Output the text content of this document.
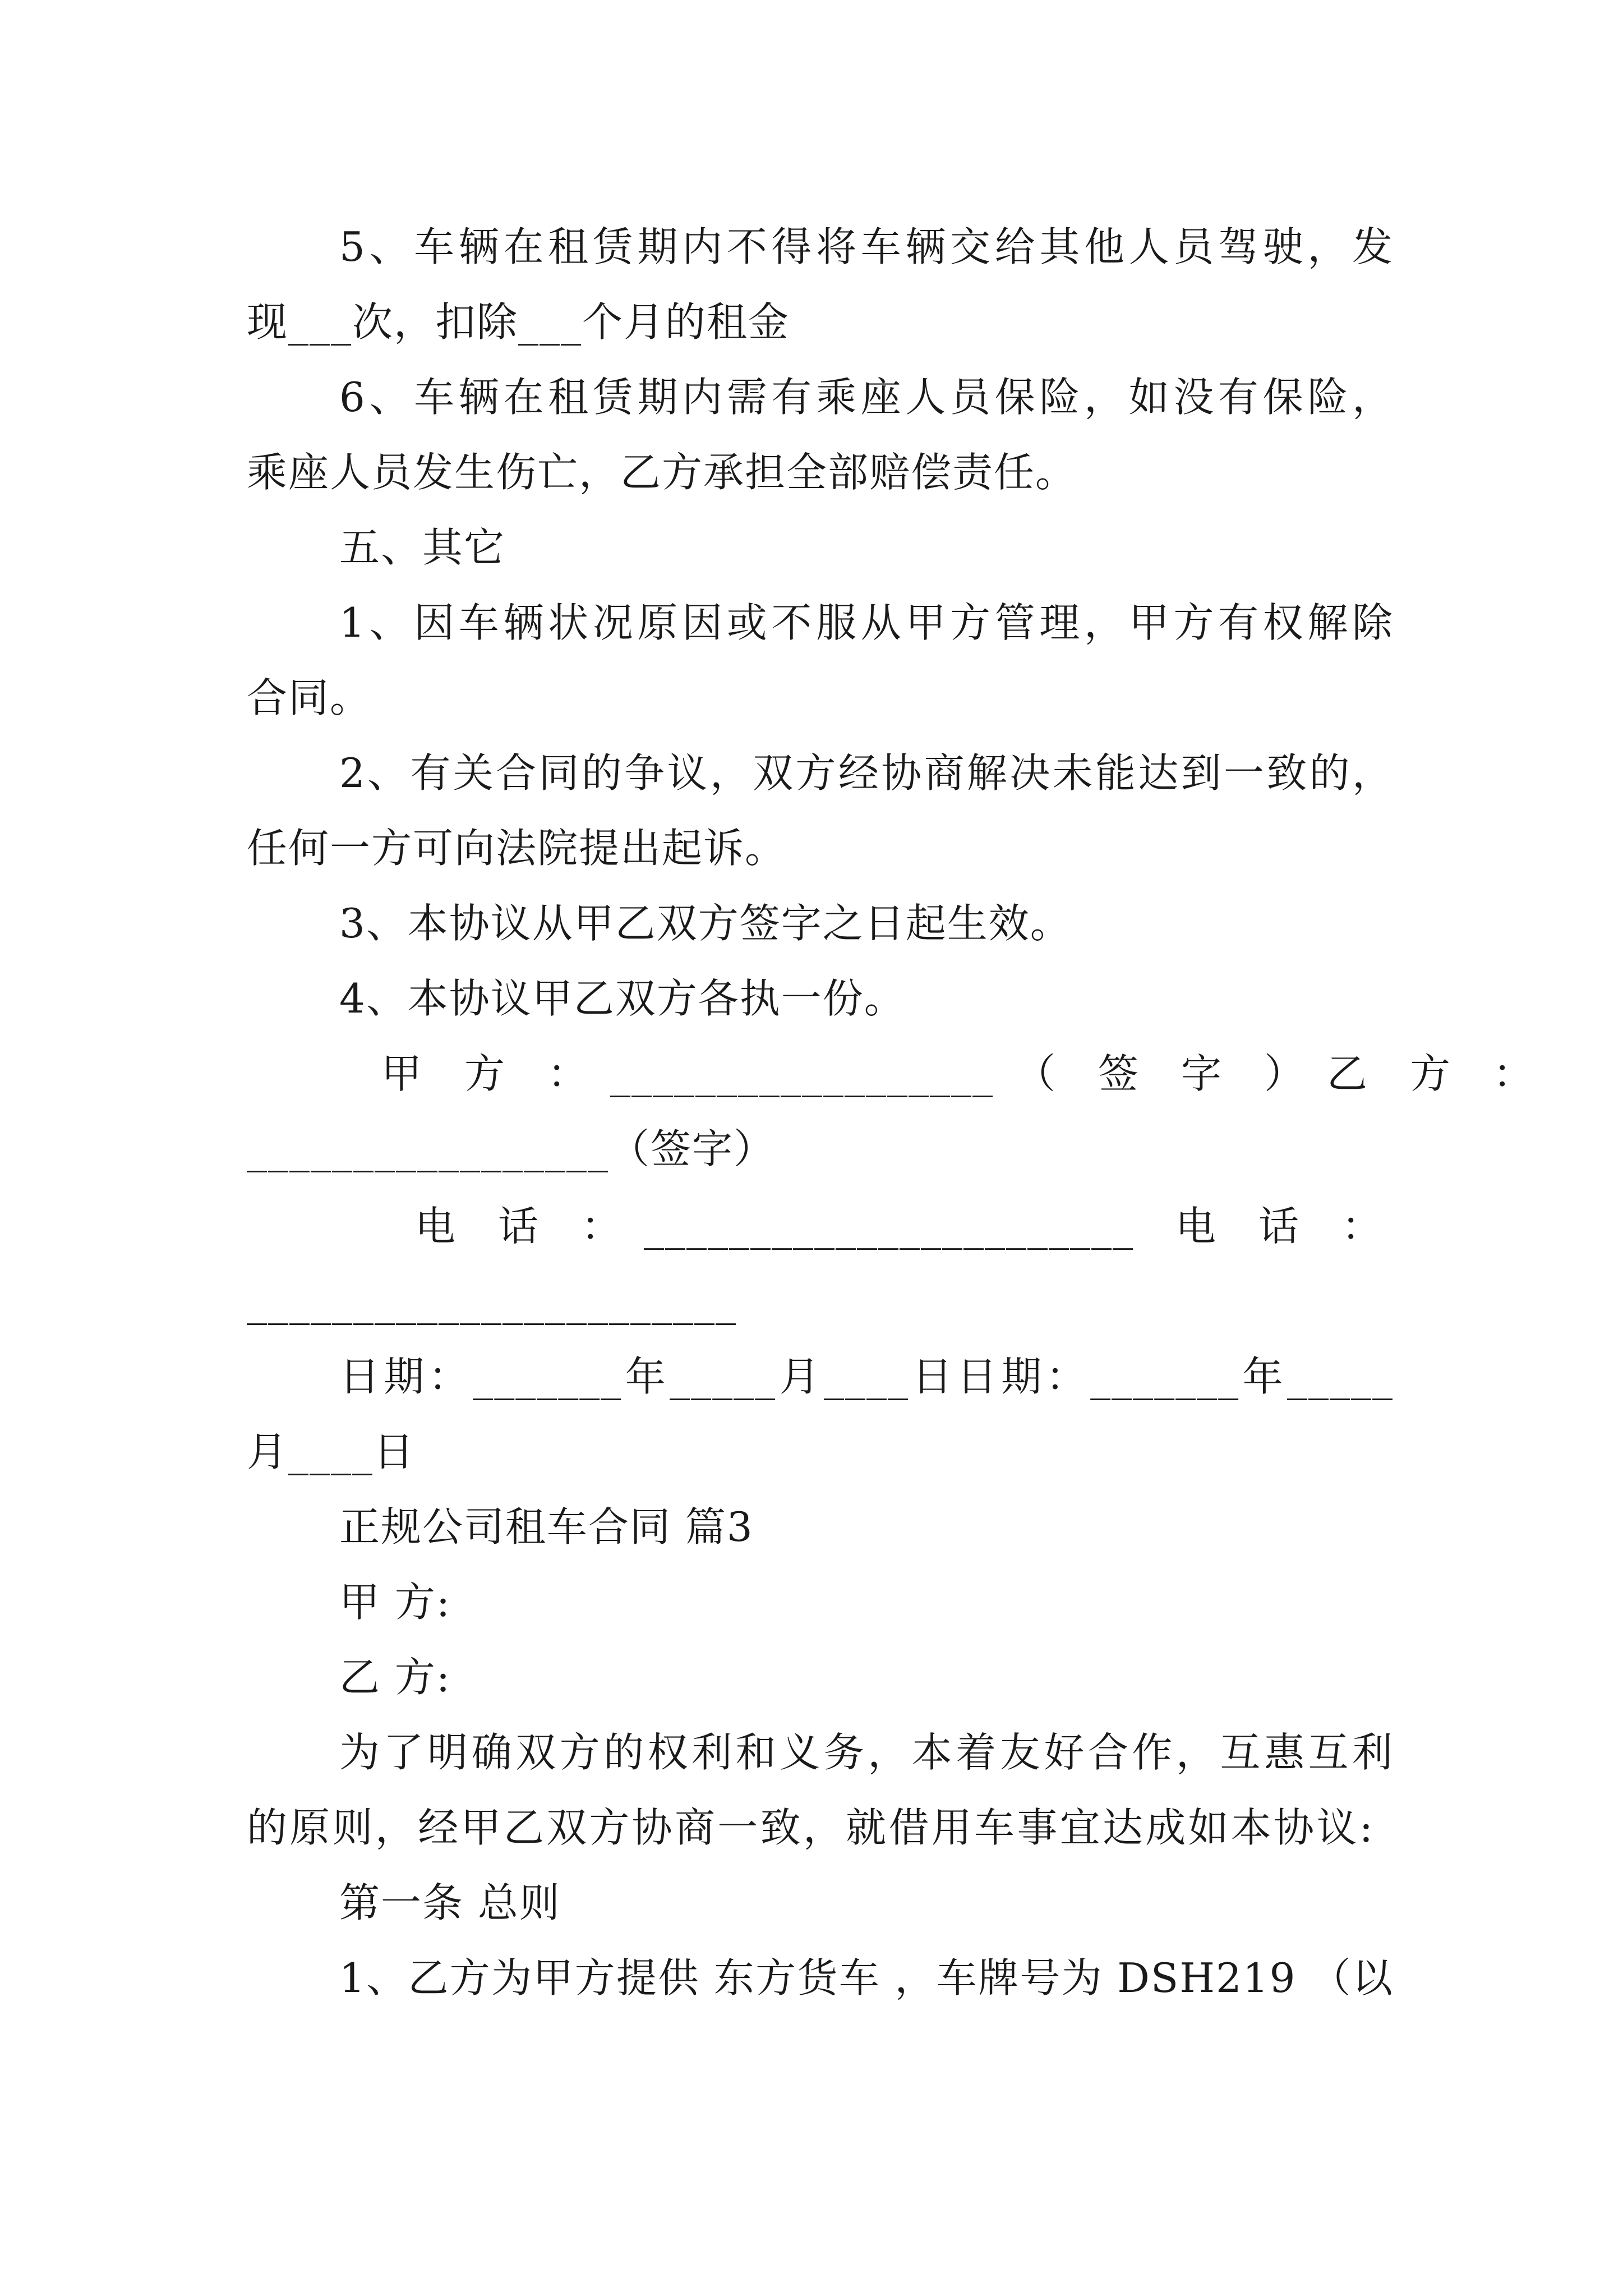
5、车辆在租赁期内不得将车辆交给其他人员驾驶，发
现___次，扣除___个月的租金
6、车辆在租赁期内需有乘座人员保险，如没有保险，
乘座人员发生伤亡，乙方承担全部赔偿责任。
五、其它
1、因车辆状况原因或不服从甲方管理，甲方有权解除
合同。
2、有关合同的争议，双方经协商解决未能达到一致的，
任何一方可向法院提出起诉。
3、本协议从甲乙双方签字之日起生效。
4、本协议甲乙双方各执一份。
甲　方　：　__________________　（　签　字　）　乙　方　：
_________________（签字）
电　话　：　_______________________　电　话　：
_______________________
日期：_______年_____月____日日期：_______年_____
月____日
正规公司租车合同 篇3
甲 方:
乙 方:
为了明确双方的权利和义务，本着友好合作，互惠互利
的原则，经甲乙双方协商一致，就借用车事宜达成如本协议:
第一条 总则
1、乙方为甲方提供 东方货车 ，车牌号为 DSH219 （以
